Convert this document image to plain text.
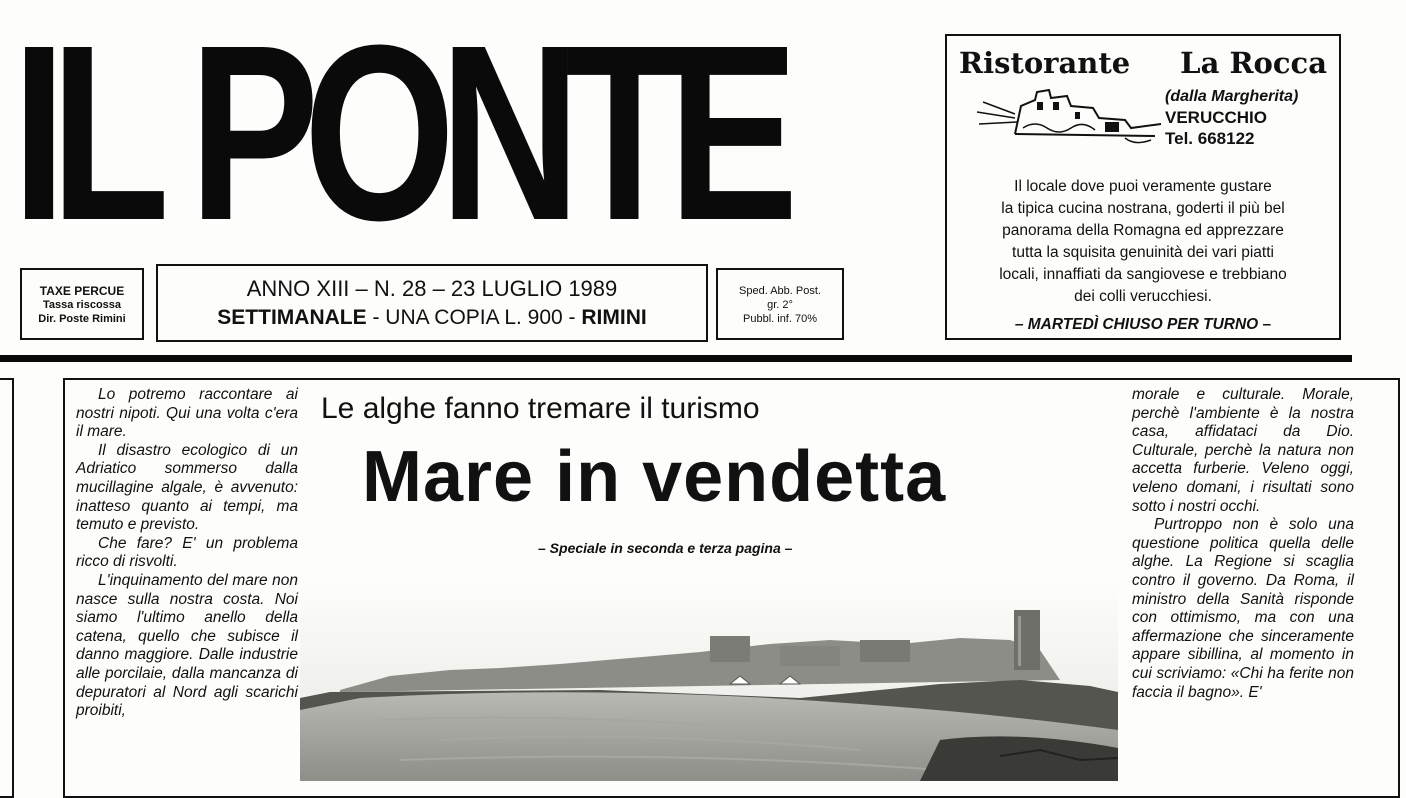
IL PONTE
TAXE PERCUE
Tassa riscossa
Dir. Poste Rimini
ANNO XIII – N. 28 – 23 LUGLIO 1989
SETTIMANALE - UNA COPIA L. 900 - RIMINI
Sped. Abb. Post.
gr. 2°
Pubbl. inf. 70%
Ristorante La Rocca
(dalla Margherita)
VERUCCHIO
Tel. 668122
Il locale dove puoi veramente gustare
la tipica cucina nostrana, goderti il più bel
panorama della Romagna ed apprezzare
tutta la squisita genuinità dei vari piatti
locali, innaffiati da sangiovese e trebbiano
dei colli verucchiesi.
– MARTEDÌ CHIUSO PER TURNO –

Lo potremo raccontare ai nostri nipoti. Qui una volta c'era il mare.

Il disastro ecologico di un Adriatico sommerso dalla mucillagine algale, è avvenuto: inatteso quanto ai tempi, ma temuto e previsto.

Che fare? E' un problema ricco di risvolti.

L'inquinamento del mare non nasce sulla nostra costa. Noi siamo l'ultimo anello della catena, quello che subisce il danno maggiore. Dalle industrie alle porcilaie, dalla mancanza di depuratori al Nord agli scarichi proibiti,

Le alghe fanno tremare il turismo
Mare in vendetta
– Speciale in seconda e terza pagina –

morale e culturale. Morale, perchè l'ambiente è la nostra casa, affidataci da Dio. Culturale, perchè la natura non accetta furberie. Veleno oggi, veleno domani, i risultati sono sotto i nostri occhi.

Purtroppo non è solo una questione politica quella delle alghe. La Regione si scaglia contro il governo. Da Roma, il ministro della Sanità risponde con ottimismo, ma con una affermazione che sinceramente appare sibillina, al momento in cui scriviamo: «Chi ha ferite non faccia il bagno». E'
